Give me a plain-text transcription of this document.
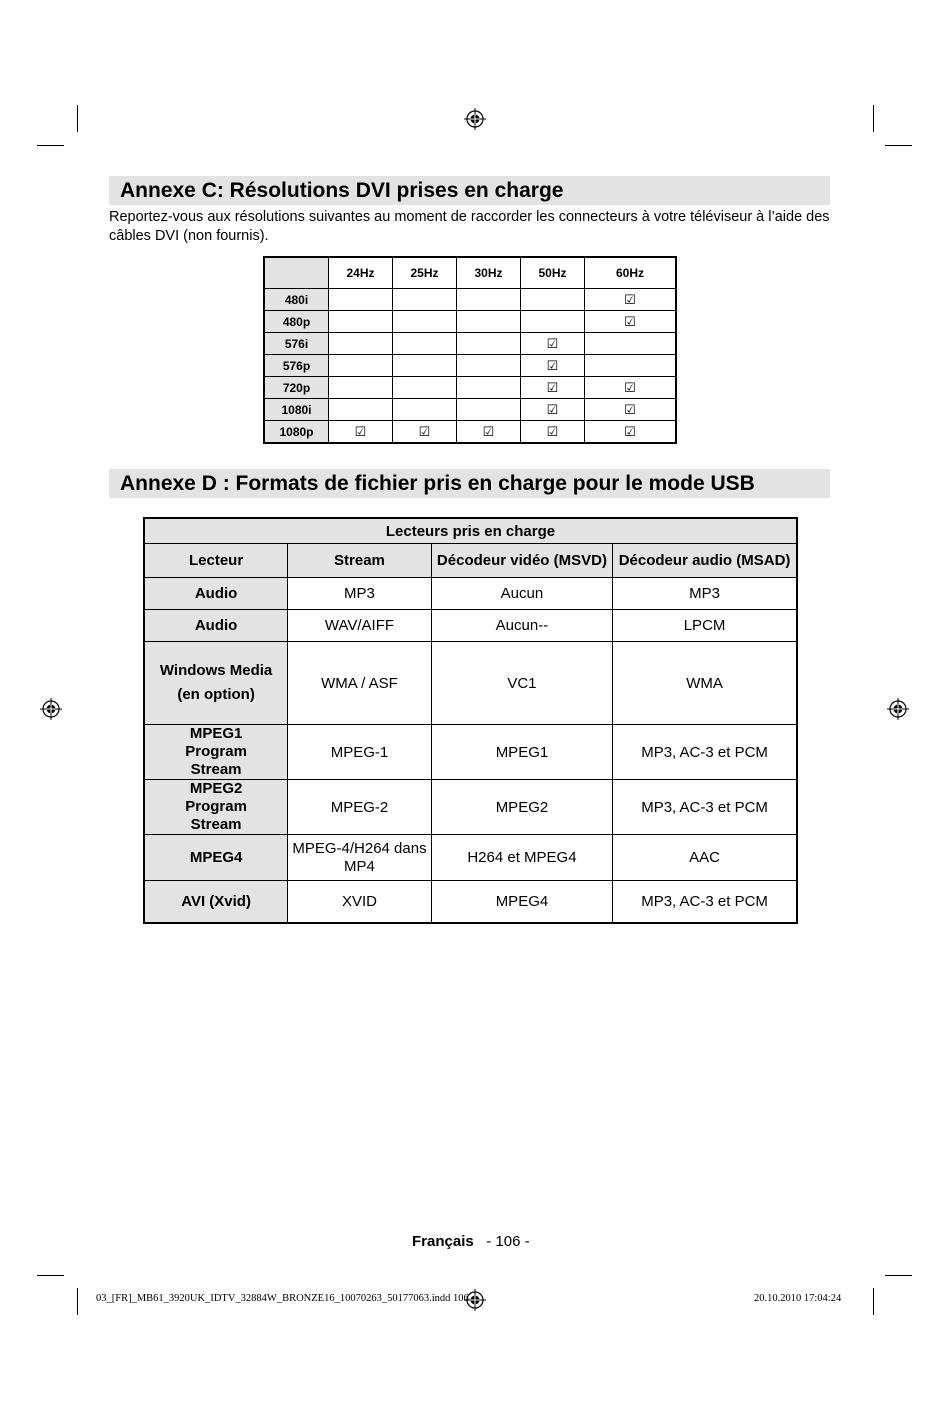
Annexe C: Résolutions DVI prises en charge

Reportez-vous aux résolutions suivantes au moment de raccorder les connecteurs à votre téléviseur à l’aide des câbles DVI (non fournis).

	24Hz	25Hz	30Hz	50Hz	60Hz
480i					☑
480p					☑
576i				☑	
576p				☑	
720p				☑	☑
1080i				☑	☑
1080p	☑	☑	☑	☑	☑
Annexe D : Formats de fichier pris en charge pour le mode USB
Lecteurs pris en charge			
Lecteur	Stream	Décodeur vidéo (MSVD)	Décodeur audio (MSAD)
Audio	MP3	Aucun	MP3
Audio	WAV/AIFF	Aucun--	LPCM
Windows Media
(en option)	WMA / ASF	VC1	WMA
MPEG1 Program Stream	MPEG-1	MPEG1	MP3, AC-3 et PCM
MPEG2 Program Stream	MPEG-2	MPEG2	MP3, AC-3 et PCM
MPEG4	MPEG-4/H264 dans MP4	H264 et MPEG4	AAC
AVI (Xvid)	XVID	MPEG4	MP3, AC-3 et PCM
Français - 106 -
03_[FR]_MB61_3920UK_IDTV_32884W_BRONZE16_10070263_50177063.indd 106	20.10.2010 17:04:24
